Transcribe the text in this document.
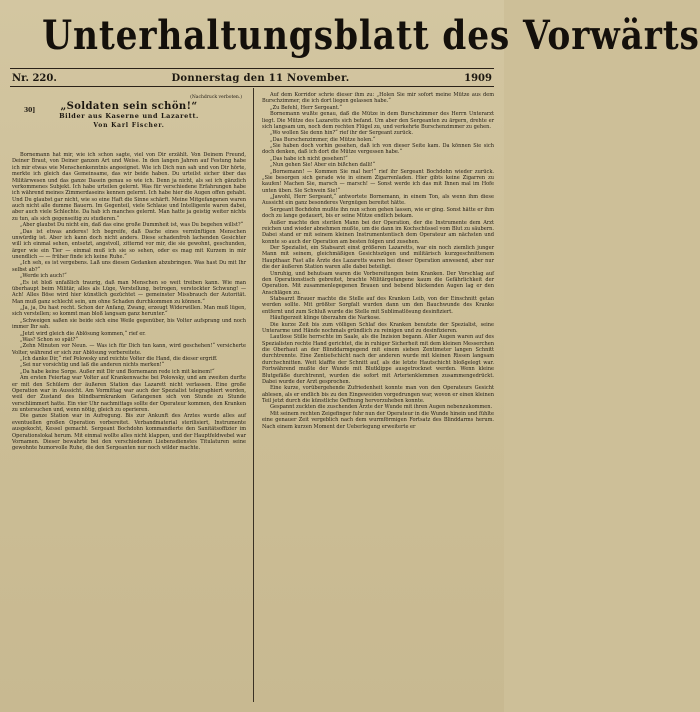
Unterhaltungsblatt des Vorwärts
Nr. 220.	Donnerstag den 11 November.	1909
30]
(Nachdruck verboten.)
„Soldaten sein schön!“
Bilder aus Kaserne und Lazarett.
Von Karl Fischer.

Bornemann hat mir, wie ich schon sagte, viel von Dir erzählt. Von Deinem Freund, Deiner Braut, von Deiner ganzen Art und Weise. In den langen Jahren auf Festung habe ich mir etwas wie Menschenkenntnis angeeignet. Wie ich Dich nun sah und von Dir hörte, merkte ich gleich das Gemeinsame, das wir beide haben. Du urteilst sicher über das Militärwesen und das ganze Dasein genau so wie ich. Denn ja nicht, als sei ich gänzlich verkommenes Subjekt. Ich habe urteilen gelernt. Was für verschiedene Erfahrungen habe ich während meines Zimmerdaseins kennen gelernt. Ich habe hier die Augen offen gehabt. Und Du glaubst gar nicht, wie so eine Haft die Sinne schärft. Meine Mitgefangenen waren auch nicht alle dumme Bauern. Im Gegenteil, viele Schlaue und Intelligente waren dabei, aber auch viele Schlechte. Da hab ich manches gelernt. Man hatte ja geistig weiter nichts zu tun, als sich gegenseitig zu studieren.“

„Aber glaubst Du nicht ein, daß das eine große Dummheit ist, was Du begehen willst?“

„Das ist etwas anderes! Ich begreife, daß Dache eines vernünftigen Menschen unwürdig ist. Aber ich kann doch nicht anders. Diese schadenfroh lachenden Gesichter will ich einmal sehen, entsetzt, angstvoll, zitternd vor mir, die sie gewohnt, geschunden, ärger wie ein Tier — einmal muß ich sie so sehen, oder es mag mit Kurzem in mir unendlich — — früher finde ich keine Ruhe.“

„Ich seh, es ist vergebens. Laß uns diesen Gedanken abzubringen. Was hast Du mit Ihr selbst ab?“

„Werde ich auch!“

„Es ist bloß unfaßlich traurig, daß man Menschen so weit treiben kann. Wie man überhaupt beim Militär, alles als Lüge, Verstellung, betrogen, verstockter Schwung! — Ach! Alles Böse wird hier künstlich gezüchtet — gemeinster Missbrauch der Autorität. Man muß ganz schlecht sein, um ohne Schaden durchkommen zu können.“

„Ja, ja, Du hast recht. Schon der Anfang, Zwang, erzeugt Widerwillen. Man muß lügen, sich verstellen; so kommt man bloß langsam ganz herunter.“

„Schweigen saßen sie beide sich eine Weile gegenüber, bis Volter aufsprang und noch immer Ihr sah.

„Jetzt wird gleich die Ablösung kommen,“ rief er.

„Was? Schon so spät?“

„Zehn Minuten vor Neun. — Was ich für Dich tun kann, wird geschehen!“ versicherte Volter, während er sich zur Ablösung vorbereitete.

„Ich danke Dir,“ rief Polowsky und reichte Volter die Hand, die dieser ergriff.

„Sei nur vorsichtig und laß die anderen nichts merken!“

„Da habe keine Sorge. Außer mit Dir und Bornemann rede ich mit keinem!“

Am ersten Feiertag war Volter auf Krankenwache bei Polowsky, und am zweiten durfte er mit den Schülern der äußeren Station das Lazarett nicht verlassen. Eine große Operation war in Aussicht. Am Vormittag war auch der Spezialist telegraphiert worden, weil der Zustand des blindbarmkranken Gefangenen sich von Stunde zu Stunde verschlimmert hatte. Ein vier Uhr nachmittags sollte der Operateur kommen, den Kranken zu untersuchen und, wenn nötig, gleich zu operieren.

Die ganze Station war in Aufregung. Bis zur Ankunft des Arztes wurde alles auf eventuellen großen Operation vorbereitet. Verbandmaterial sterilisiert, Instrumente ausgekocht, Kessel gemacht. Sergeant Bochdohn kommandierte den Sanitätsoffizier im Operationslokal herum. Mit einmal wollte alles nicht klappen, und der Hauptfeldwebel war Vornamen. Dieser bewahrte bei den verschiedenen Liebensdienstes Titulaturen seine gewohnte humorvolle Ruhe, die den Sergeanten nur noch wilder machte.

Auf dem Korridor schrie dieser ihm zu: „Holen Sie mir sofort meine Mütze aus dem Burschzimmer, die ich dort liegen gelassen habe.“

„Zu Befehl, Herr Sergeant.“

Bornemann wußte genau, daß die Mütze in dem Burschzimmer des Herrn Unterarzt liegt. Die Mütze des Lazaretts sich befand. Um aber den Sergeanten zu ärgern, drehte er sich langsam um, noch dem rechten Flügel zu, und verkehrte Burschenzimmer zu gehen.

„Wo wollen Sie denn hin?“ rief ihr der Sergeant zurück.

„Das Burschenzimmer, die Mütze holen.“

„Sie haben doch vorhin gesehen, daß ich von dieser Seite kam. Da können Sie sich doch denken, daß ich dort die Mütze vergessen habe.“

„Das habe ich nicht gesehen!“

„Nun gehen Sie! Aber ein bißchen dalli!“

„Bornemann! — Kommen Sie mal her!“ rief ihr Sergeant Bochdohn wieder zurück. „Sie besorgen sich gerade wie in einem Zigarrenladen. Hier gibts keine Zigarren zu kaufen! Machen Sie, marsch — marsch! — Sonst werde ich das mit Ihnen mal im Hofe unten üben. Sie Schwein Sie!“

„Jawohl, Herr Sergeant,“ antwortete Bornemann, in einem Ton, als wenn ihm diese Aussicht ein ganz besonderes Vergnügen bereitet hätte.

Sergeant Bochdohn mußte ihn nun schon gehen lassen, wie er ging. Sonst hätte er ihm doch zu lange gedauert, bis er seine Mütze endlich bekam.

Außer machte den sterilen Mann bei der Operation, der die Instrumente dem Arzt reichen und wieder abnehmen mußte, um die dann im Kochschüssel vom Blut zu säubern. Dabei stand er mit seinem kleinen Instrumententisch dem Operateur am nächsten und konnte so auch der Operation am besten folgen und zusehen.

Der Spezialist, ein Stabsarzt einst größeren Lazaretts, war ein noch ziemlich junger Mann mit seinem, gleichmäßigen Gesichtszügen und militärisch kurzgeschnittenem Haupthaar. Fast alle Ärzte des Lazaretts waren bei dieser Operation anwesend, aber nur die der äußeren Station waren alle dabei beteiligt.

Unruhig, und behutsam waren die Vorbereitungen beim Kranken. Der Vorschlag auf den Operationstisch gebreitet, brachte Militärgefangene kaum die Gefährlichkeit der Operation. Mit zusammenlegegenen Brauen und bebend blickenden Augen lag er den Anschlägen zu.

Stabsarzt Brauer machte die Stelle auf des Kranken Leib, von der Einschnitt getan werden sollte. Mit größter Sorgfalt wurden dann um den Bauchwunde des Kranke entfernt und zum Schluß wurde die Stelle mit Sublimatlösung desinfiziert.

Häufigerzeit klinge überzahm die Narkose.

Die kurze Zeit bis zum völligen Schlaf des Kranken benutzte der Spezialist, seine Unterarme und Hände nochmals gründlich zu reinigen und zu desinfizieren.

Lautlose Stille herrschte im Saale, als die Inzision begann. Aller Augen waren auf des Spezialisten rechte Hand gerichtet, die in ruhiger Sicherheit mit dem kleinen Messerchen die Oberhaut an der Blinddarmgegend mit einem sieben Zentimeter langen Schnitt durchtrennte. Eine Zentiefschicht nach der anderen wurde mit kleinen Rissen langsam durchschnitten. Weit klaffte der Schnitt auf, als die letzte Hautschicht bloßgelegt war. Fortwährend mußte der Wunde mit Blutklippe ausgetrocknet werden. Wenn kleine Blutgefäße durchtrennt, wurden die sofort mit Arterienklemmen zusammengedrückt. Dabei wurde der Arzt gesprochen.

Eine kurze, vorübergehende Zufriedenheit konnte man von den Operateurs Gesicht ablesen, als er endlich bis zu den Eingeweiden vorgedrungen war, wovon er einen kleinen Teil jetzt durch die künstliche Oeffnung hervorzuheben konnte.

Gespannt zuckten die zuschenden Ärzte der Wunde mit ihren Augen nebenzukommen.

Mit seinem rechten Zeigefinger fuhr nun der Operateur in die Wunde hinein und fühlte eine genauer Zeit vergeblich nach dem wurmförmigen Fortsatz des Blinddarms herum. Nach einem kurzen Moment der Ueberlegung erweiterte er
